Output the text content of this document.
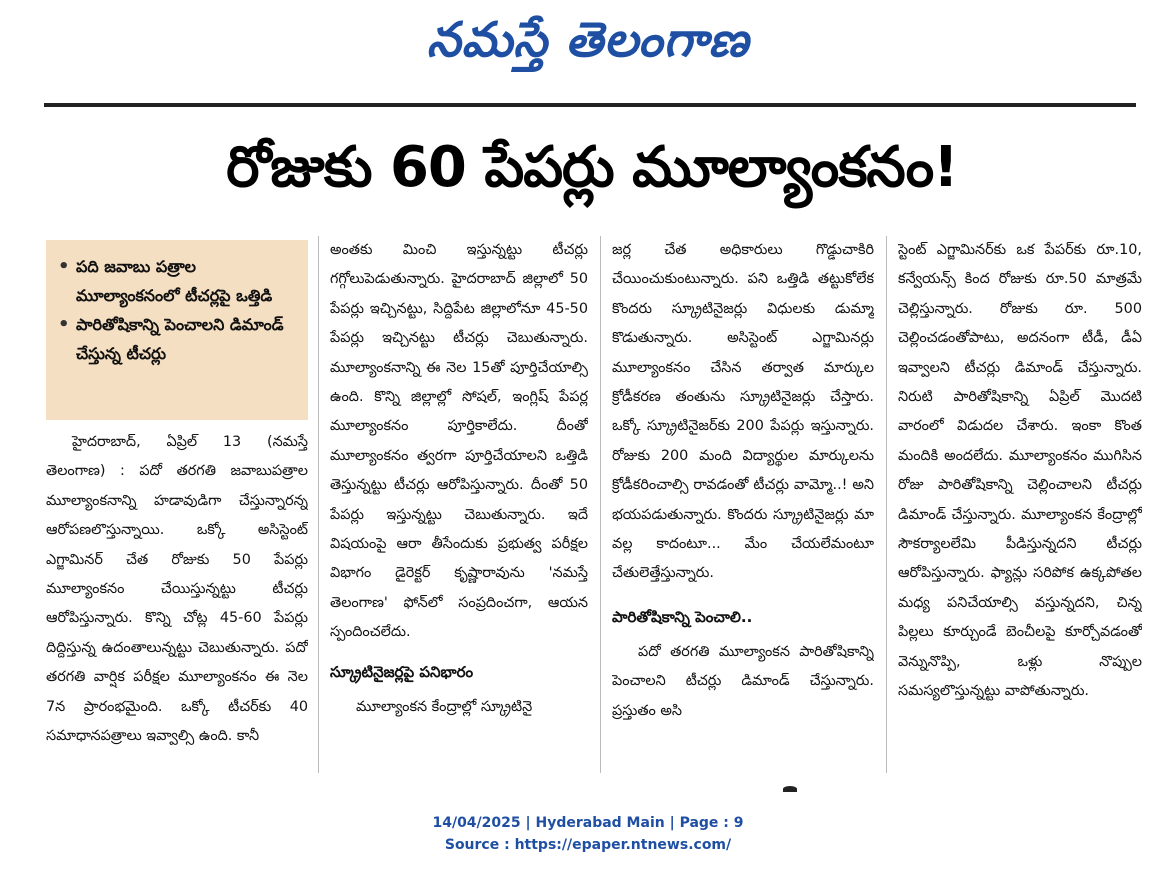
నమస్తే తెలంగాణ
రోజుకు 60 పేపర్లు మూల్యాంకనం!
• పది జవాబు పత్రాల మూల్యాంకనంలో టీచర్లపై ఒత్తిడి
• పారితోషికాన్ని పెంచాలని డిమాండ్ చేస్తున్న టీచర్లు

హైదరాబాద్, ఏప్రిల్ 13 (నమస్తే తెలంగాణ) : పదో తరగతి జవాబుపత్రాల మూల్యాంకనాన్ని హడావుడిగా చేస్తున్నారన్న ఆరోపణలొస్తున్నాయి. ఒక్కో అసిస్టెంట్ ఎగ్జామినర్ చేత రోజుకు 50 పేపర్లు మూల్యాంకనం చేయిస్తున్నట్టు టీచర్లు ఆరోపిస్తున్నారు. కొన్ని చోట్ల 45-60 పేపర్లు దిద్దిస్తున్న ఉదంతాలున్నట్టు చెబుతున్నారు. పదో తరగతి వార్షిక పరీక్షల మూల్యాంకనం ఈ నెల 7న ప్రారంభమైంది. ఒక్కో టీచర్‌కు 40 సమాధానపత్రాలు ఇవ్వాల్సి ఉంది. కానీ

అంతకు మించి ఇస్తున్నట్టు టీచర్లు గగ్గోలుపెడుతున్నారు. హైదరాబాద్ జిల్లాలో 50 పేపర్లు ఇచ్చినట్టు, సిద్దిపేట జిల్లాలోనూ 45-50 పేపర్లు ఇచ్చినట్టు టీచర్లు చెబుతున్నారు. మూల్యాంకనాన్ని ఈ నెల 15తో పూర్తిచేయాల్సి ఉంది. కొన్ని జిల్లాల్లో సోషల్, ఇంగ్లిష్ పేపర్ల మూల్యాంకనం పూర్తికాలేదు. దీంతో మూల్యాంకనం త్వరగా పూర్తిచేయాలని ఒత్తిడి తెస్తున్నట్టు టీచర్లు ఆరోపిస్తున్నారు. దీంతో 50 పేపర్లు ఇస్తున్నట్టు చెబుతున్నారు. ఇదే విషయంపై ఆరా తీసేందుకు ప్రభుత్వ పరీక్షల విభాగం డైరెక్టర్ కృష్ణారావును 'నమస్తే తెలంగాణ' ఫోన్‌లో సంప్రదించగా, ఆయన స్పందించలేదు.

స్క్రూటినైజర్లపై పనిభారం

మూల్యాంకన కేంద్రాల్లో స్క్రూటినై

జర్ల చేత అధికారులు గొడ్డుచాకిరి చేయించుకుంటున్నారు. పని ఒత్తిడి తట్టుకోలేక కొందరు స్క్రూటినైజర్లు విధులకు డుమ్మా కొడుతున్నారు. అసిస్టెంట్ ఎగ్జామినర్లు మూల్యాంకనం చేసిన తర్వాత మార్కుల క్రోడీకరణ తంతును స్క్రూటినైజర్లు చేస్తారు. ఒక్కో స్క్రూటినైజర్‌కు 200 పేపర్లు ఇస్తున్నారు. రోజుకు 200 మంది విద్యార్థుల మార్కులను క్రోడీకరించాల్సి రావడంతో టీచర్లు వామ్మో..! అని భయపడుతున్నారు. కొందరు స్క్రూటినైజర్లు మా వల్ల కాదంటూ... మేం చేయలేమంటూ చేతులెత్తేస్తున్నారు.

పారితోషికాన్ని పెంచాలి..

పదో తరగతి మూల్యాంకన పారితోషికాన్ని పెంచాలని టీచర్లు డిమాండ్ చేస్తున్నారు. ప్రస్తుతం అసి

స్టెంట్ ఎగ్జామినర్‌కు ఒక పేపర్‌కు రూ.10, కన్వేయన్స్ కింద రోజుకు రూ.50 మాత్రమే చెల్లిస్తున్నారు. రోజుకు రూ. 500 చెల్లించడంతోపాటు, అదనంగా టీడీ, డీఏ ఇవ్వాలని టీచర్లు డిమాండ్ చేస్తున్నారు. నిరుటి పారితోషికాన్ని ఏప్రిల్ మొదటి వారంలో విడుదల చేశారు. ఇంకా కొంత మందికి అందలేదు. మూల్యాంకనం ముగిసిన రోజు పారితోషికాన్ని చెల్లించాలని టీచర్లు డిమాండ్ చేస్తున్నారు. మూల్యాంకన కేంద్రాల్లో సౌకర్యాలలేమి పీడిస్తున్నదని టీచర్లు ఆరోపిస్తున్నారు. ఫ్యాన్లు సరిపోక ఉక్కపోతల మధ్య పనిచేయాల్సి వస్తున్నదని, చిన్న పిల్లలు కూర్చుండే బెంచీలపై కూర్చోవడంతో వెన్నునొప్పి, ఒళ్లు నొప్పుల సమస్యలొస్తున్నట్టు వాపోతున్నారు.

14/04/2025 | Hyderabad Main | Page : 9
Source : https://epaper.ntnews.com/
